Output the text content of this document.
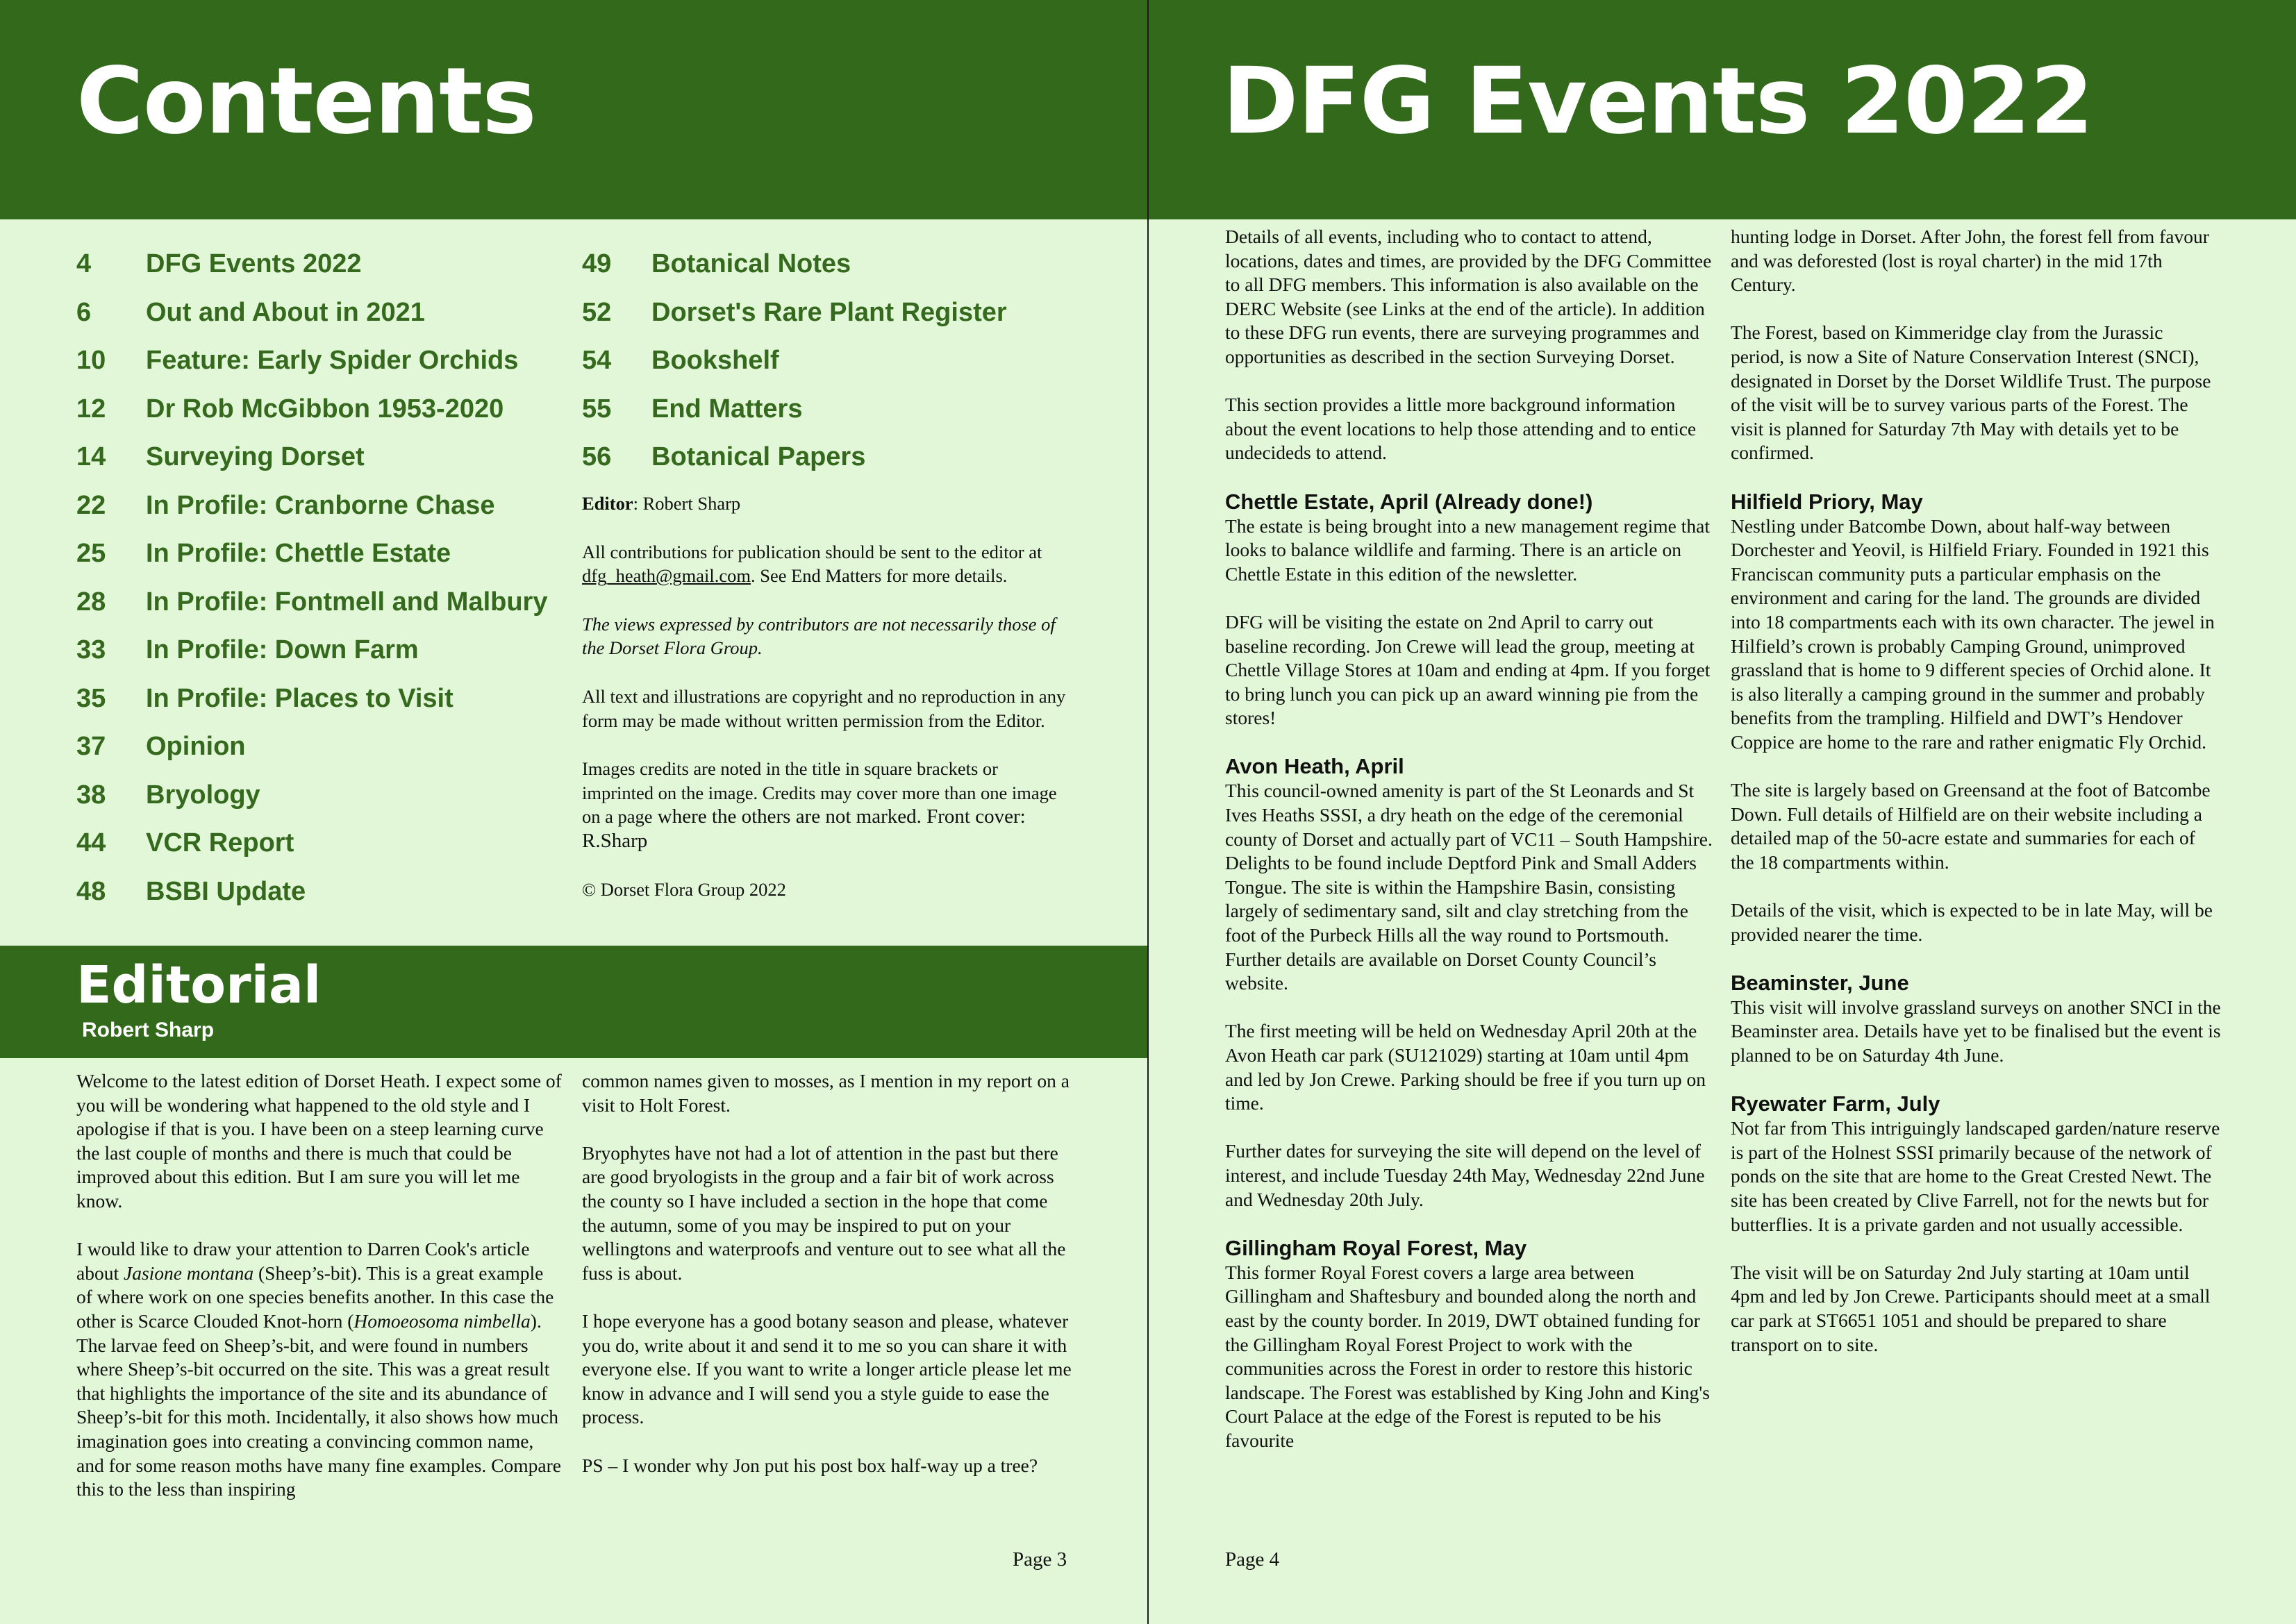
Contents
4	DFG Events 2022
6	Out and About in 2021
10	Feature: Early Spider Orchids
12	Dr Rob McGibbon 1953-2020
14	Surveying Dorset
22	In Profile: Cranborne Chase
25	In Profile: Chettle Estate
28	In Profile: Fontmell and Malbury
33	In Profile: Down Farm
35	In Profile: Places to Visit
37	Opinion
38	Bryology
44	VCR Report
48	BSBI Update
49	Botanical Notes
52	Dorset's Rare Plant Register
54	Bookshelf
55	End Matters
56	Botanical Papers

Editor: Robert Sharp

All contributions for publication should be sent to the editor at dfg_heath@gmail.com. See End Matters for more details.

The views expressed by contributors are not necessarily those of the Dorset Flora Group.

All text and illustrations are copyright and no reproduction in any form may be made without written permission from the Editor.

Images credits are noted in the title in square brackets or imprinted on the image. Credits may cover more than one image on a page where the others are not marked. Front cover: R.Sharp

© Dorset Flora Group 2022

Editorial
Robert Sharp

Welcome to the latest edition of Dorset Heath. I expect some of you will be wondering what happened to the old style and I apologise if that is you. I have been on a steep learning curve the last couple of months and there is much that could be improved about this edition. But I am sure you will let me know.

I would like to draw your attention to Darren Cook's article about Jasione montana (Sheep’s-bit). This is a great example of where work on one species benefits another. In this case the other is Scarce Clouded Knot-horn (Homoeosoma nimbella). The larvae feed on Sheep’s-bit, and were found in numbers where Sheep’s-bit occurred on the site. This was a great result that highlights the importance of the site and its abundance of Sheep’s-bit for this moth. Incidentally, it also shows how much imagination goes into creating a convincing common name, and for some reason moths have many fine examples. Compare this to the less than inspiring

common names given to mosses, as I mention in my report on a visit to Holt Forest.

Bryophytes have not had a lot of attention in the past but there are good bryologists in the group and a fair bit of work across the county so I have included a section in the hope that come the autumn, some of you may be inspired to put on your wellingtons and waterproofs and venture out to see what all the fuss is about.

I hope everyone has a good botany season and please, whatever you do, write about it and send it to me so you can share it with everyone else. If you want to write a longer article please let me know in advance and I will send you a style guide to ease the process.

PS – I wonder why Jon put his post box half-way up a tree?

Page 3
DFG Events 2022

Details of all events, including who to contact to attend, locations, dates and times, are provided by the DFG Committee to all DFG members. This information is also available on the DERC Website (see Links at the end of the article). In addition to these DFG run events, there are surveying programmes and opportunities as described in the section Surveying Dorset.

This section provides a little more background information about the event locations to help those attending and to entice undecideds to attend.

Chettle Estate, April (Already done!)

The estate is being brought into a new management regime that looks to balance wildlife and farming. There is an article on Chettle Estate in this edition of the newsletter.

DFG will be visiting the estate on 2nd April to carry out baseline recording. Jon Crewe will lead the group, meeting at Chettle Village Stores at 10am and ending at 4pm. If you forget to bring lunch you can pick up an award winning pie from the stores!

Avon Heath, April

This council-owned amenity is part of the St Leonards and St Ives Heaths SSSI, a dry heath on the edge of the ceremonial county of Dorset and actually part of VC11 – South Hampshire. Delights to be found include Deptford Pink and Small Adders Tongue. The site is within the Hampshire Basin, consisting largely of sedimentary sand, silt and clay stretching from the foot of the Purbeck Hills all the way round to Portsmouth. Further details are available on Dorset County Council’s website.

The first meeting will be held on Wednesday April 20th at the Avon Heath car park (SU121029) starting at 10am until 4pm and led by Jon Crewe. Parking should be free if you turn up on time.

Further dates for surveying the site will depend on the level of interest, and include Tuesday 24th May, Wednesday 22nd June and Wednesday 20th July.

Gillingham Royal Forest, May

This former Royal Forest covers a large area between Gillingham and Shaftesbury and bounded along the north and east by the county border. In 2019, DWT obtained funding for the Gillingham Royal Forest Project to work with the communities across the Forest in order to restore this historic landscape. The Forest was established by King John and King's Court Palace at the edge of the Forest is reputed to be his favourite

hunting lodge in Dorset. After John, the forest fell from favour and was deforested (lost is royal charter) in the mid 17th Century.

The Forest, based on Kimmeridge clay from the Jurassic period, is now a Site of Nature Conservation Interest (SNCI), designated in Dorset by the Dorset Wildlife Trust. The purpose of the visit will be to survey various parts of the Forest. The visit is planned for Saturday 7th May with details yet to be confirmed.

Hilfield Priory, May

Nestling under Batcombe Down, about half-way between Dorchester and Yeovil, is Hilfield Friary. Founded in 1921 this Franciscan community puts a particular emphasis on the environment and caring for the land. The grounds are divided into 18 compartments each with its own character. The jewel in Hilfield’s crown is probably Camping Ground, unimproved grassland that is home to 9 different species of Orchid alone. It is also literally a camping ground in the summer and probably benefits from the trampling. Hilfield and DWT’s Hendover Coppice are home to the rare and rather enigmatic Fly Orchid.

The site is largely based on Greensand at the foot of Batcombe Down. Full details of Hilfield are on their website including a detailed map of the 50-acre estate and summaries for each of the 18 compartments within.

Details of the visit, which is expected to be in late May, will be provided nearer the time.

Beaminster, June

This visit will involve grassland surveys on another SNCI in the Beaminster area. Details have yet to be finalised but the event is planned to be on Saturday 4th June.

Ryewater Farm, July

Not far from This intriguingly landscaped garden/nature reserve is part of the Holnest SSSI primarily because of the network of ponds on the site that are home to the Great Crested Newt. The site has been created by Clive Farrell, not for the newts but for butterflies. It is a private garden and not usually accessible.

The visit will be on Saturday 2nd July starting at 10am until 4pm and led by Jon Crewe. Participants should meet at a small car park at ST6651 1051 and should be prepared to share transport on to site.

Page 4
